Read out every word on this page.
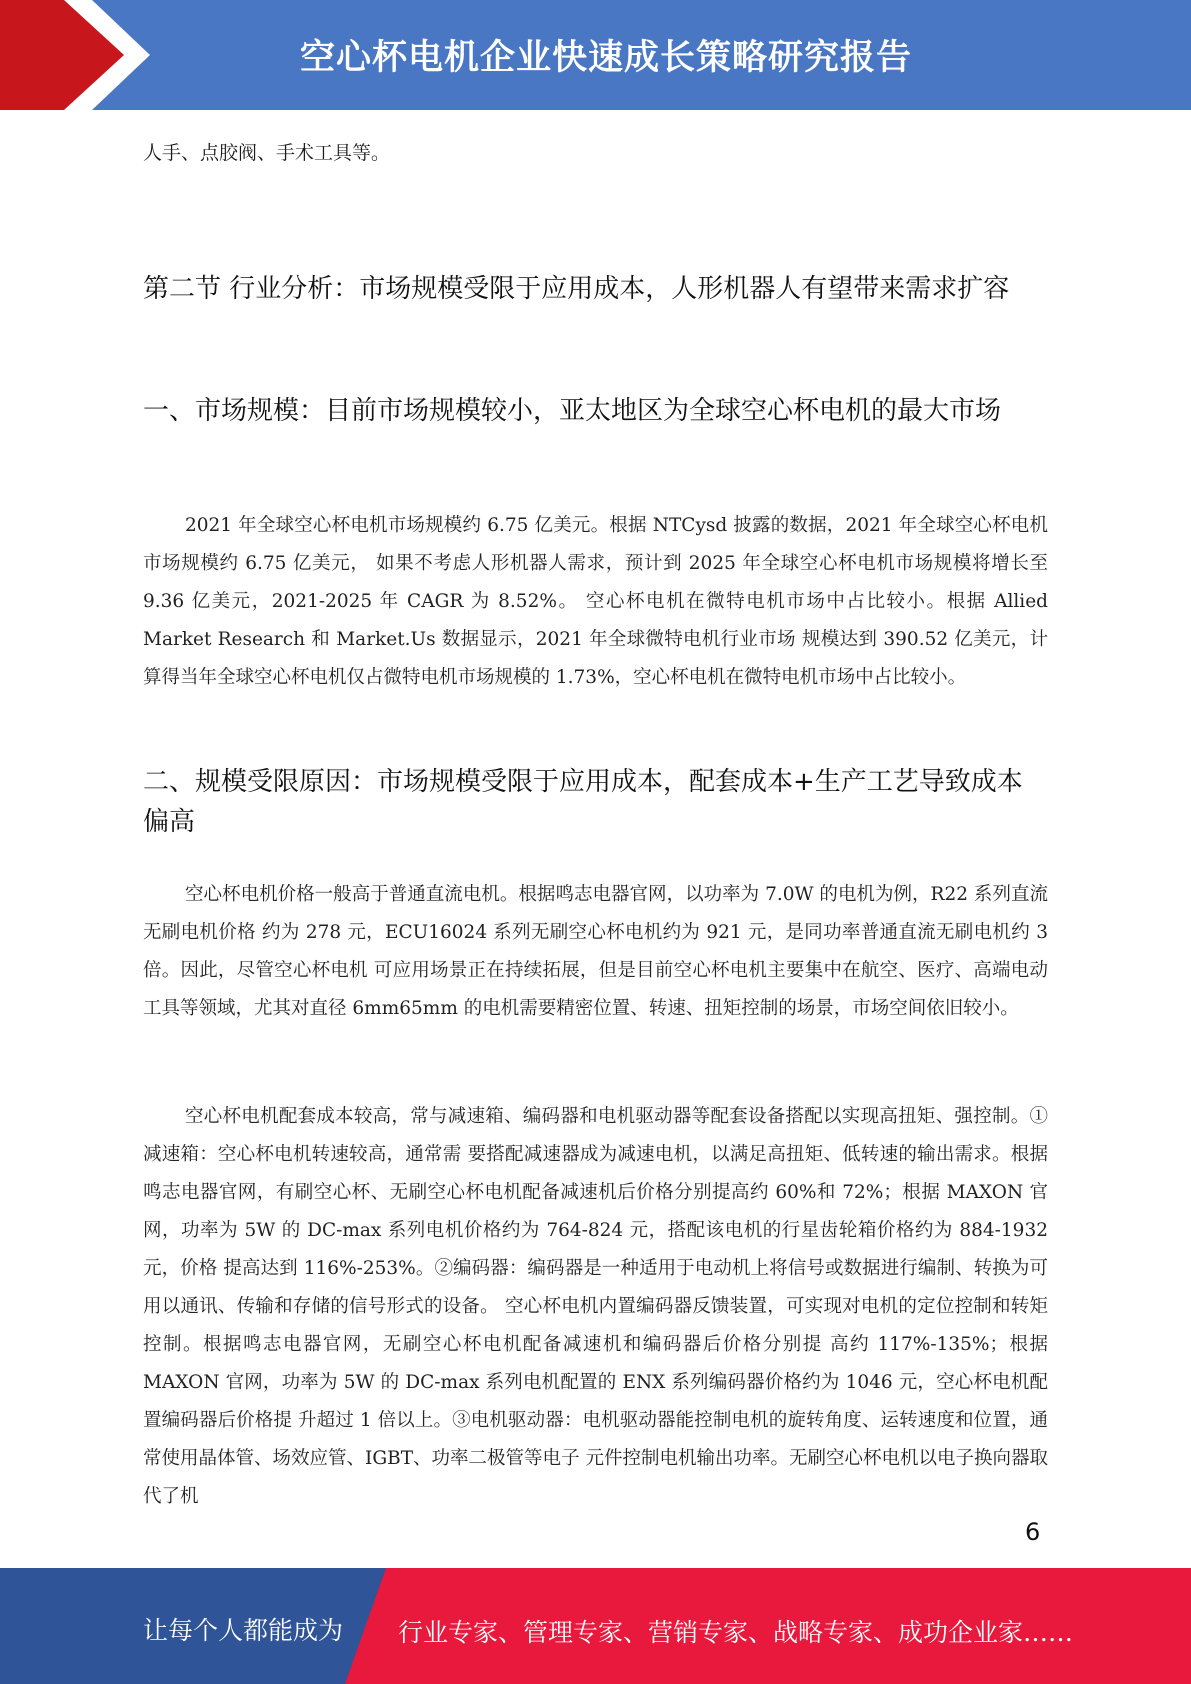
空心杯电机企业快速成长策略研究报告
人手、点胶阀、手术工具等。
第二节 行业分析：市场规模受限于应用成本，人形机器人有望带来需求扩容
一、市场规模：目前市场规模较小，亚太地区为全球空心杯电机的最大市场
2021 年全球空心杯电机市场规模约 6.75 亿美元。根据 NTCysd 披露的数据，2021 年全球空心杯电机市场规模约 6.75 亿美元， 如果不考虑人形机器人需求，预计到 2025 年全球空心杯电机市场规模将增长至 9.36 亿美元，2021-2025 年 CAGR 为 8.52%。 空心杯电机在微特电机市场中占比较小。根据 Allied Market Research 和 Market.Us 数据显示，2021 年全球微特电机行业市场 规模达到 390.52 亿美元，计算得当年全球空心杯电机仅占微特电机市场规模的 1.73%，空心杯电机在微特电机市场中占比较小。
二、规模受限原因：市场规模受限于应用成本，配套成本+生产工艺导致成本偏高
空心杯电机价格一般高于普通直流电机。根据鸣志电器官网，以功率为 7.0W 的电机为例，R22 系列直流无刷电机价格 约为 278 元，ECU16024 系列无刷空心杯电机约为 921 元，是同功率普通直流无刷电机约 3 倍。因此，尽管空心杯电机 可应用场景正在持续拓展，但是目前空心杯电机主要集中在航空、医疗、高端电动工具等领域，尤其对直径 6mm65mm 的电机需要精密位置、转速、扭矩控制的场景，市场空间依旧较小。
空心杯电机配套成本较高，常与减速箱、编码器和电机驱动器等配套设备搭配以实现高扭矩、强控制。①减速箱：空心杯电机转速较高，通常需 要搭配减速器成为减速电机，以满足高扭矩、低转速的输出需求。根据鸣志电器官网，有刷空心杯、无刷空心杯电机配备减速机后价格分别提高约 60%和 72%；根据 MAXON 官网，功率为 5W 的 DC-max 系列电机价格约为 764-824 元，搭配该电机的行星齿轮箱价格约为 884-1932 元，价格 提高达到 116%-253%。②编码器：编码器是一种适用于电动机上将信号或数据进行编制、转换为可用以通讯、传输和存储的信号形式的设备。 空心杯电机内置编码器反馈装置，可实现对电机的定位控制和转矩控制。根据鸣志电器官网，无刷空心杯电机配备减速机和编码器后价格分别提 高约 117%-135%；根据 MAXON 官网，功率为 5W 的 DC-max 系列电机配置的 ENX 系列编码器价格约为 1046 元，空心杯电机配置编码器后价格提 升超过 1 倍以上。③电机驱动器：电机驱动器能控制电机的旋转角度、运转速度和位置，通常使用晶体管、场效应管、IGBT、功率二极管等电子 元件控制电机输出功率。无刷空心杯电机以电子换向器取代了机
6
让每个人都能成为 行业专家、管理专家、营销专家、战略专家、成功企业家……
